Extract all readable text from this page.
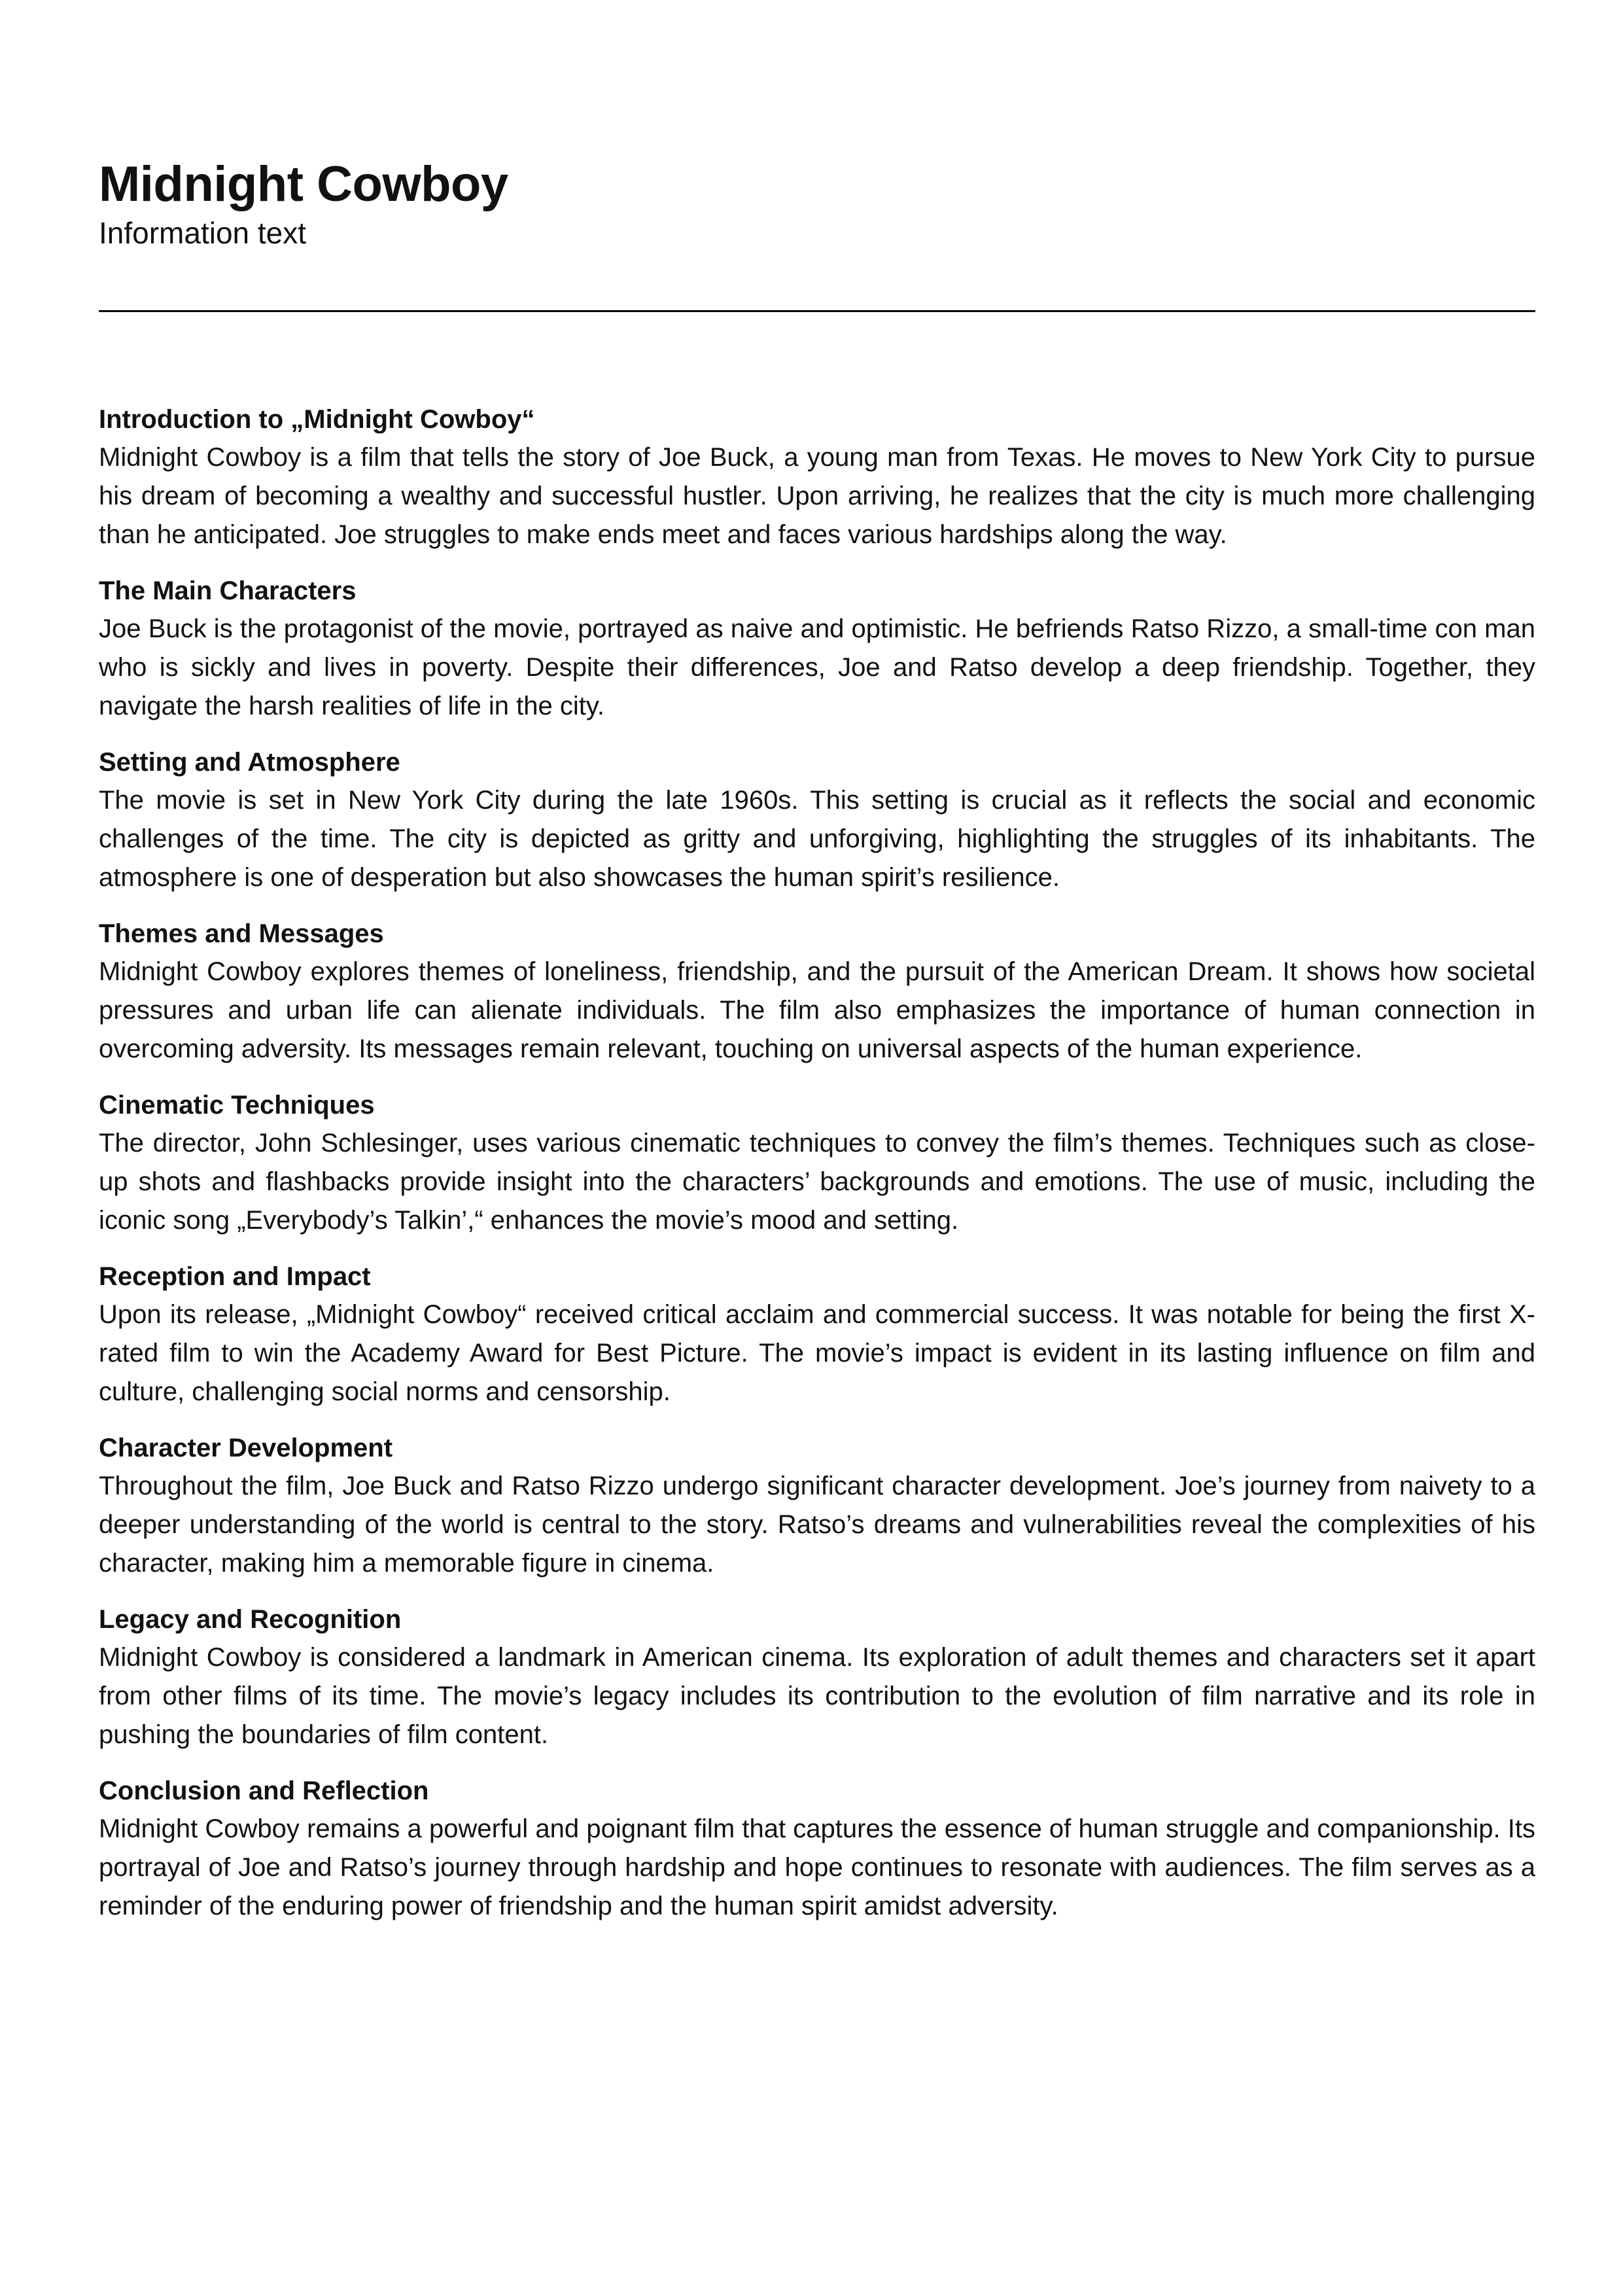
Midnight Cowboy

Information text

Introduction to „Midnight Cowboy“

Midnight Cowboy is a film that tells the story of Joe Buck, a young man from Texas. He moves to New York City to pursue his dream of becoming a wealthy and successful hustler. Upon arriving, he realizes that the city is much more challenging than he anticipated. Joe struggles to make ends meet and faces various hardships along the way.

The Main Characters

Joe Buck is the protagonist of the movie, portrayed as naive and optimistic. He befriends Ratso Rizzo, a small-time con man who is sickly and lives in poverty. Despite their differences, Joe and Ratso develop a deep friendship. Together, they navigate the harsh realities of life in the city.

Setting and Atmosphere

The movie is set in New York City during the late 1960s. This setting is crucial as it reflects the social and economic challenges of the time. The city is depicted as gritty and unforgiving, highlighting the struggles of its inhabitants. The atmosphere is one of desperation but also showcases the human spirit’s resilience.

Themes and Messages

Midnight Cowboy explores themes of loneliness, friendship, and the pursuit of the American Dream. It shows how societal pressures and urban life can alienate individuals. The film also emphasizes the importance of human connection in overcoming adversity. Its messages remain relevant, touching on universal aspects of the human experience.

Cinematic Techniques

The director, John Schlesinger, uses various cinematic techniques to convey the film’s themes. Techniques such as close-up shots and flashbacks provide insight into the characters’ backgrounds and emotions. The use of music, including the iconic song „Everybody’s Talkin’,“ enhances the movie’s mood and setting.

Reception and Impact

Upon its release, „Midnight Cowboy“ received critical acclaim and commercial success. It was notable for being the first X-rated film to win the Academy Award for Best Picture. The movie’s impact is evident in its lasting influence on film and culture, challenging social norms and censorship.

Character Development

Throughout the film, Joe Buck and Ratso Rizzo undergo significant character development. Joe’s journey from naivety to a deeper understanding of the world is central to the story. Ratso’s dreams and vulnerabilities reveal the complexities of his character, making him a memorable figure in cinema.

Legacy and Recognition

Midnight Cowboy is considered a landmark in American cinema. Its exploration of adult themes and characters set it apart from other films of its time. The movie’s legacy includes its contribution to the evolution of film narrative and its role in pushing the boundaries of film content.

Conclusion and Reflection

Midnight Cowboy remains a powerful and poignant film that captures the essence of human struggle and companionship. Its portrayal of Joe and Ratso’s journey through hardship and hope continues to resonate with audiences. The film serves as a reminder of the enduring power of friendship and the human spirit amidst adversity.
